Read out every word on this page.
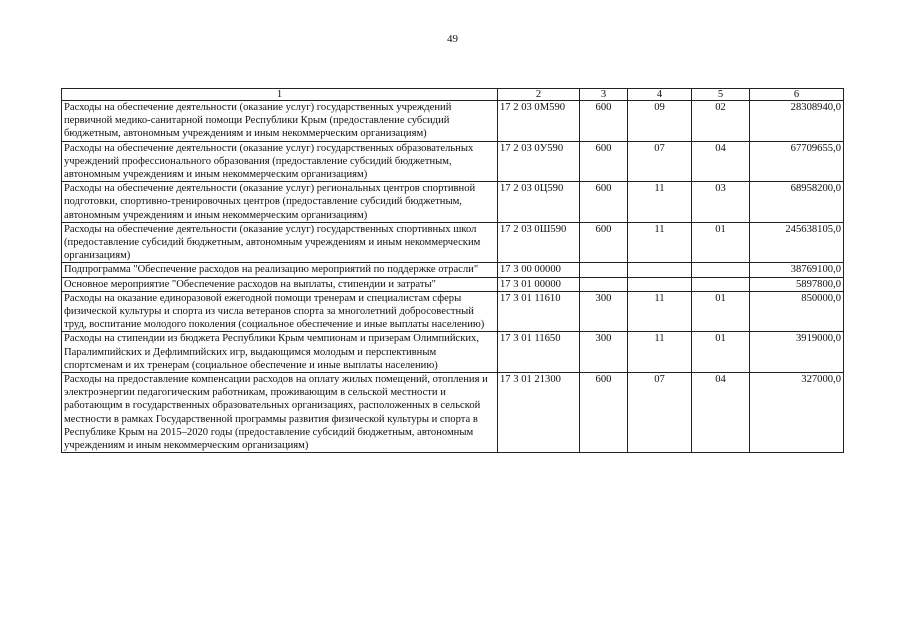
49
1	2	3	4	5	6
Расходы на обеспечение деятельности (оказание услуг) государственных учреждений первичной медико-санитарной помощи Республики Крым (предоставление субсидий бюджетным, автономным учреждениям и иным некоммерческим организациям)	17 2 03 0М590	600	09	02	28308940,0
Расходы на обеспечение деятельности (оказание услуг) государственных образовательных учреждений профессионального образования (предоставление субсидий бюджетным, автономным учреждениям и иным некоммерческим организациям)	17 2 03 0У590	600	07	04	67709655,0
Расходы на обеспечение деятельности (оказание услуг) региональных центров спортивной подготовки, спортивно-тренировочных центров (предоставление субсидий бюджетным, автономным учреждениям и иным некоммерческим организациям)	17 2 03 0Ц590	600	11	03	68958200,0
Расходы на обеспечение деятельности (оказание услуг) государственных спортивных школ (предоставление субсидий бюджетным, автономным учреждениям и иным некоммерческим организациям)	17 2 03 0Ш590	600	11	01	245638105,0
Подпрограмма "Обеспечение расходов на реализацию мероприятий по поддержке отрасли"	17 3 00 00000				38769100,0
Основное мероприятие "Обеспечение расходов на выплаты, стипендии и затраты"	17 3 01 00000				5897800,0
Расходы на оказание единоразовой ежегодной помощи тренерам и специалистам сферы физической культуры и спорта из числа ветеранов спорта за многолетний добросовестный труд, воспитание молодого поколения (социальное обеспечение и иные выплаты населению)	17 3 01 11610	300	11	01	850000,0
Расходы на стипендии из бюджета Республики Крым чемпионам и призерам Олимпийских, Паралимпийских и Дефлимпийских игр, выдающимся молодым и перспективным спортсменам и их тренерам (социальное обеспечение и иные выплаты населению)	17 3 01 11650	300	11	01	3919000,0
Расходы на предоставление компенсации расходов на оплату жилых помещений, отопления и электроэнергии педагогическим работникам, проживающим в сельской местности и работающим в государственных образовательных организациях, расположенных в сельской местности в рамках Государственной программы развития физической культуры и спорта в Республике Крым на 2015–2020 годы (предоставление субсидий бюджетным, автономным учреждениям и иным некоммерческим организациям)	17 3 01 21300	600	07	04	327000,0
